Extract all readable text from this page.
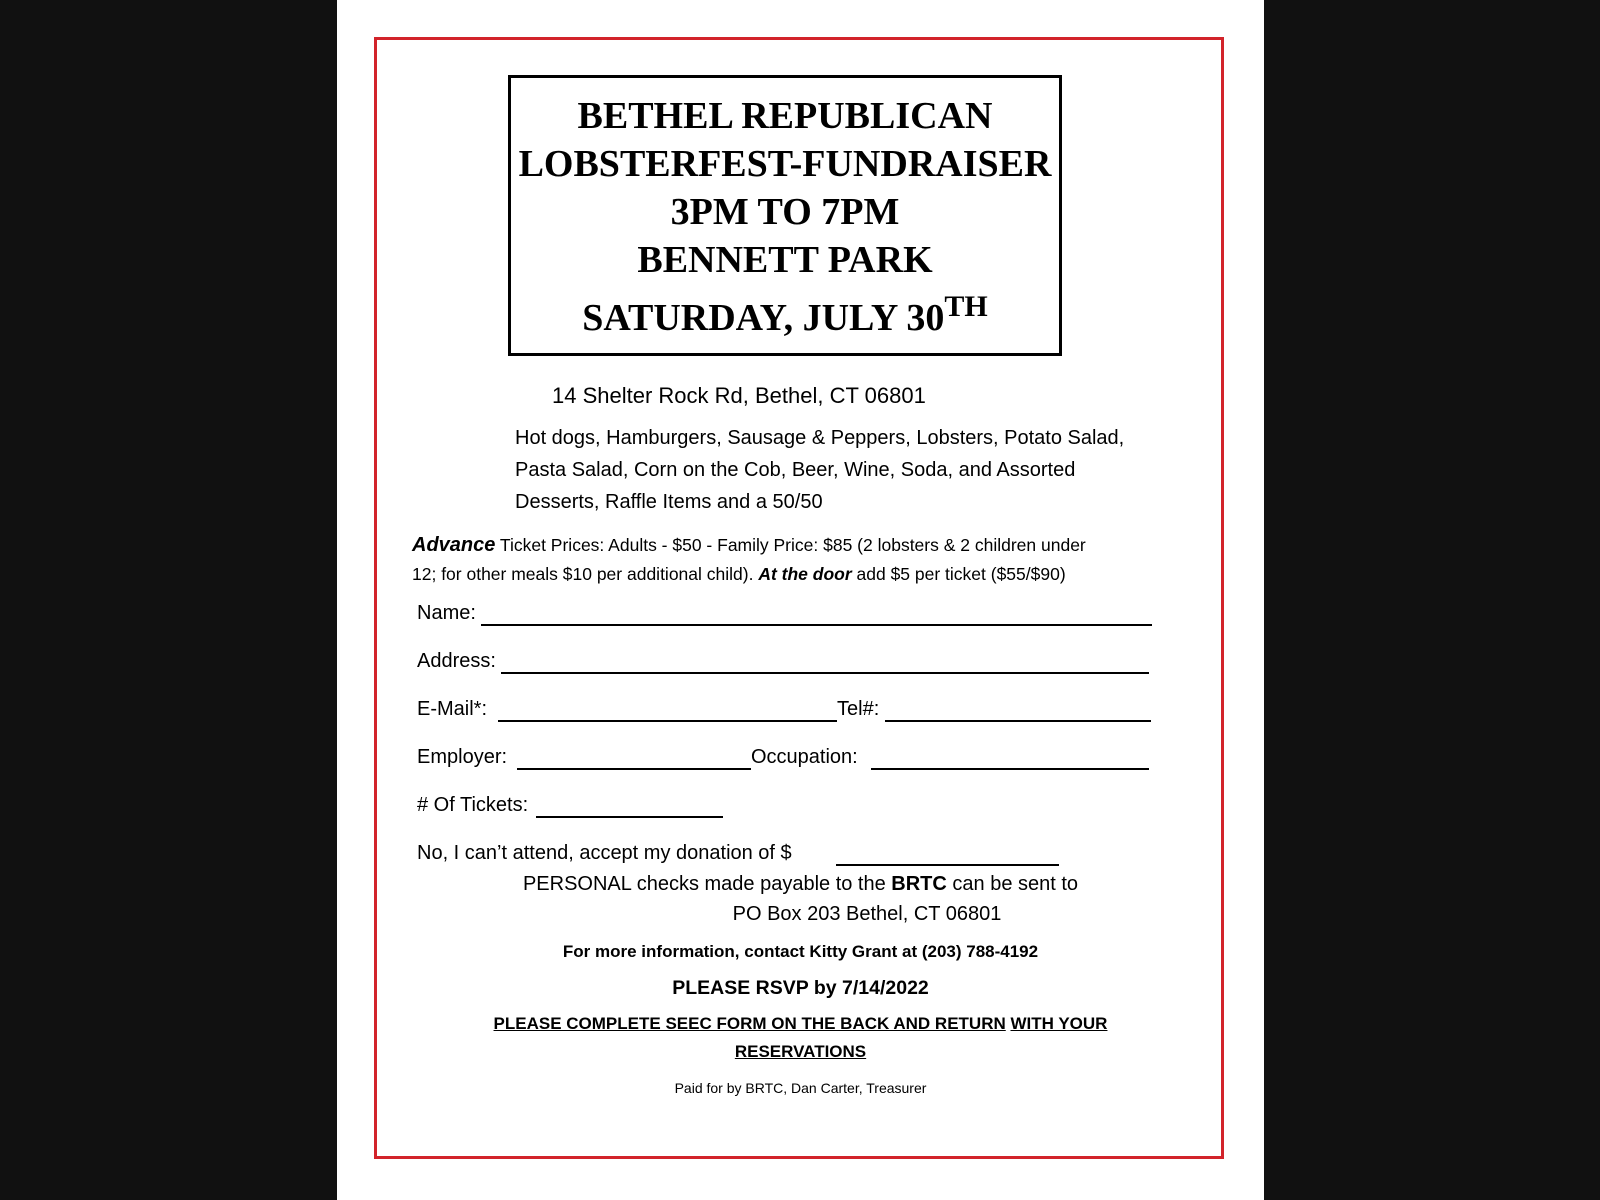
BETHEL REPUBLICAN
LOBSTERFEST-FUNDRAISER
3PM TO 7PM
BENNETT PARK
SATURDAY, JULY 30TH
14 Shelter Rock Rd, Bethel, CT 06801
Hot dogs, Hamburgers, Sausage & Peppers, Lobsters, Potato Salad,
Pasta Salad, Corn on the Cob, Beer, Wine, Soda, and Assorted
Desserts, Raffle Items and a 50/50
Advance Ticket Prices: Adults - $50 - Family Price: $85 (2 lobsters & 2 children under
12; for other meals $10 per additional child). At the door add $5 per ticket ($55/$90)
Name:
Address:
E-Mail*:	Tel#:
Employer:	Occupation:
# Of Tickets:
No, I can’t attend, accept my donation of $
PERSONAL checks made payable to the BRTC can be sent to
PO Box 203 Bethel, CT 06801
For more information, contact Kitty Grant at (203) 788-4192
PLEASE RSVP by 7/14/2022
PLEASE COMPLETE SEEC FORM ON THE BACK AND RETURN WITH YOUR
RESERVATIONS
Paid for by BRTC, Dan Carter, Treasurer
